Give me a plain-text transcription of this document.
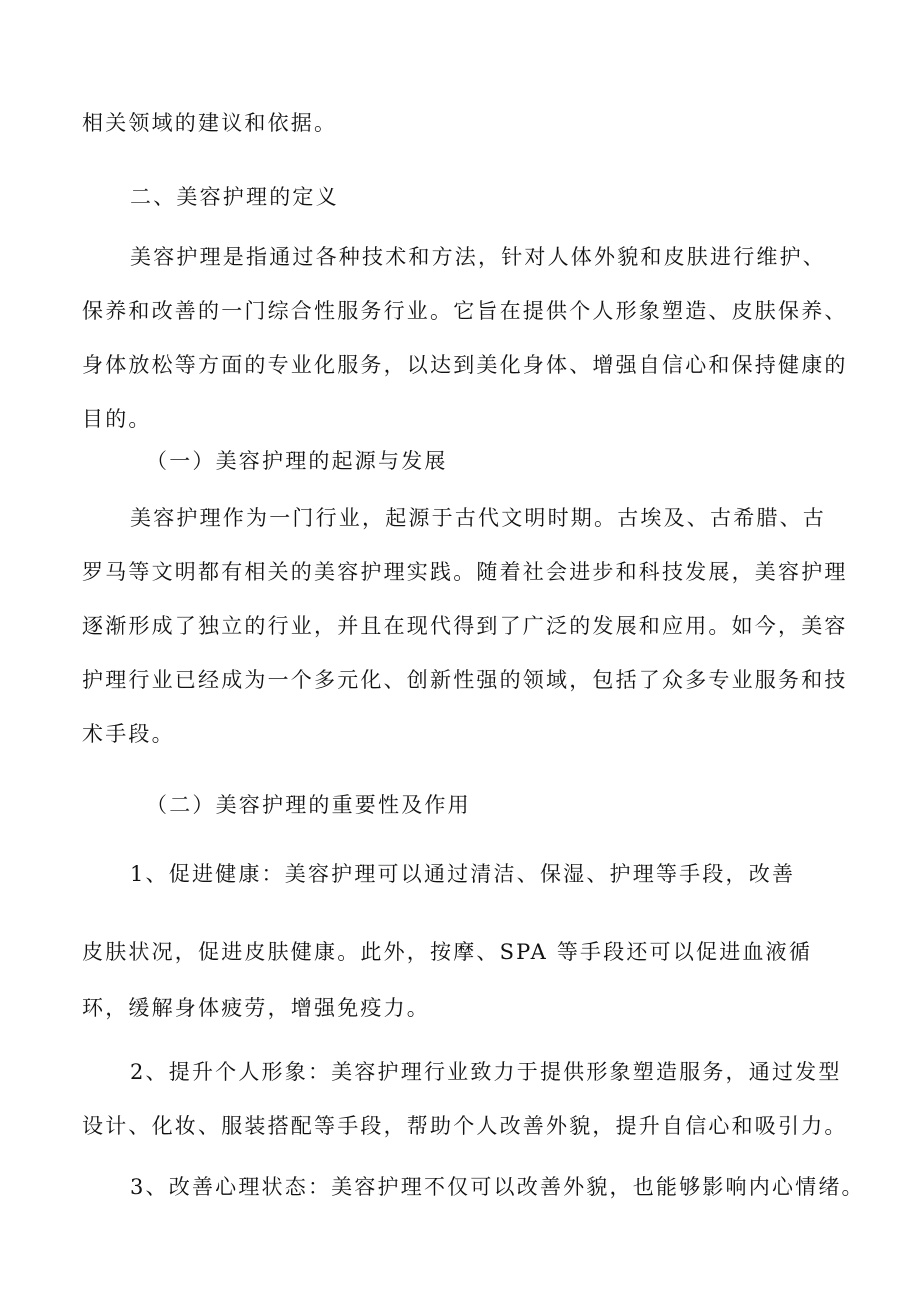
相关领域的建议和依据。

二、美容护理的定义

美容护理是指通过各种技术和方法，针对人体外貌和皮肤进行维护、

保养和改善的一门综合性服务行业。它旨在提供个人形象塑造、皮肤保养、

身体放松等方面的专业化服务，以达到美化身体、增强自信心和保持健康的

目的。

（一）美容护理的起源与发展

美容护理作为一门行业，起源于古代文明时期。古埃及、古希腊、古

罗马等文明都有相关的美容护理实践。随着社会进步和科技发展，美容护理

逐渐形成了独立的行业，并且在现代得到了广泛的发展和应用。如今，美容

护理行业已经成为一个多元化、创新性强的领域，包括了众多专业服务和技

术手段。

（二）美容护理的重要性及作用

1、促进健康：美容护理可以通过清洁、保湿、护理等手段，改善

皮肤状况，促进皮肤健康。此外，按摩、SPA 等手段还可以促进血液循

环，缓解身体疲劳，增强免疫力。

2、提升个人形象：美容护理行业致力于提供形象塑造服务，通过发型

设计、化妆、服装搭配等手段，帮助个人改善外貌，提升自信心和吸引力。

3、改善心理状态：美容护理不仅可以改善外貌，也能够影响内心情绪。
